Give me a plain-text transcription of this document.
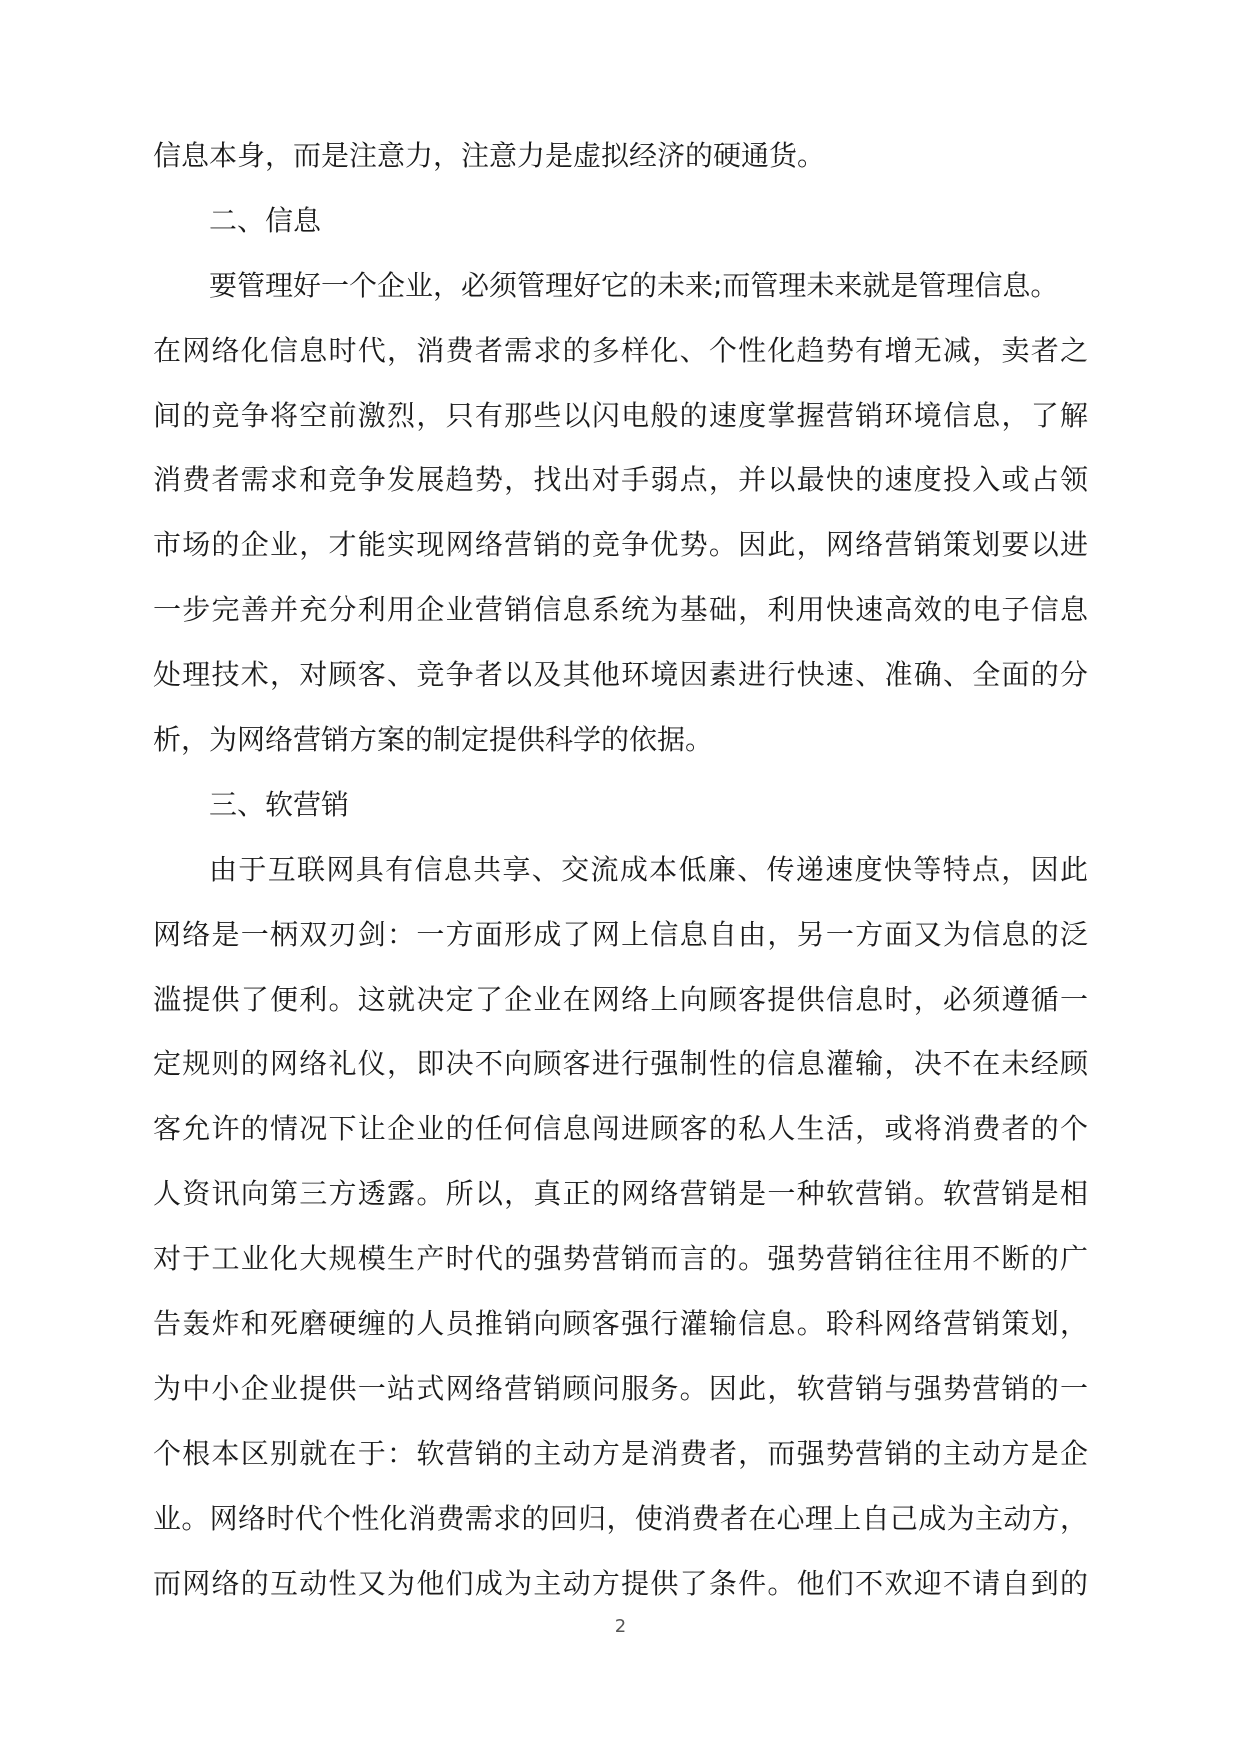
信息本身，而是注意力，注意力是虚拟经济的硬通货。
二、信息
要管理好一个企业，必须管理好它的未来;而管理未来就是管理信息。
在网络化信息时代，消费者需求的多样化、个性化趋势有增无减，卖者之
间的竞争将空前激烈，只有那些以闪电般的速度掌握营销环境信息，了解
消费者需求和竞争发展趋势，找出对手弱点，并以最快的速度投入或占领
市场的企业，才能实现网络营销的竞争优势。因此，网络营销策划要以进
一步完善并充分利用企业营销信息系统为基础，利用快速高效的电子信息
处理技术，对顾客、竞争者以及其他环境因素进行快速、准确、全面的分
析，为网络营销方案的制定提供科学的依据。
三、软营销
由于互联网具有信息共享、交流成本低廉、传递速度快等特点，因此
网络是一柄双刃剑：一方面形成了网上信息自由，另一方面又为信息的泛
滥提供了便利。这就决定了企业在网络上向顾客提供信息时，必须遵循一
定规则的网络礼仪，即决不向顾客进行强制性的信息灌输，决不在未经顾
客允许的情况下让企业的任何信息闯进顾客的私人生活，或将消费者的个
人资讯向第三方透露。所以，真正的网络营销是一种软营销。软营销是相
对于工业化大规模生产时代的强势营销而言的。强势营销往往用不断的广
告轰炸和死磨硬缠的人员推销向顾客强行灌输信息。聆科网络营销策划，
为中小企业提供一站式网络营销顾问服务。因此，软营销与强势营销的一
个根本区别就在于：软营销的主动方是消费者，而强势营销的主动方是企
业。网络时代个性化消费需求的回归，使消费者在心理上自己成为主动方，
而网络的互动性又为他们成为主动方提供了条件。他们不欢迎不请自到的
2
